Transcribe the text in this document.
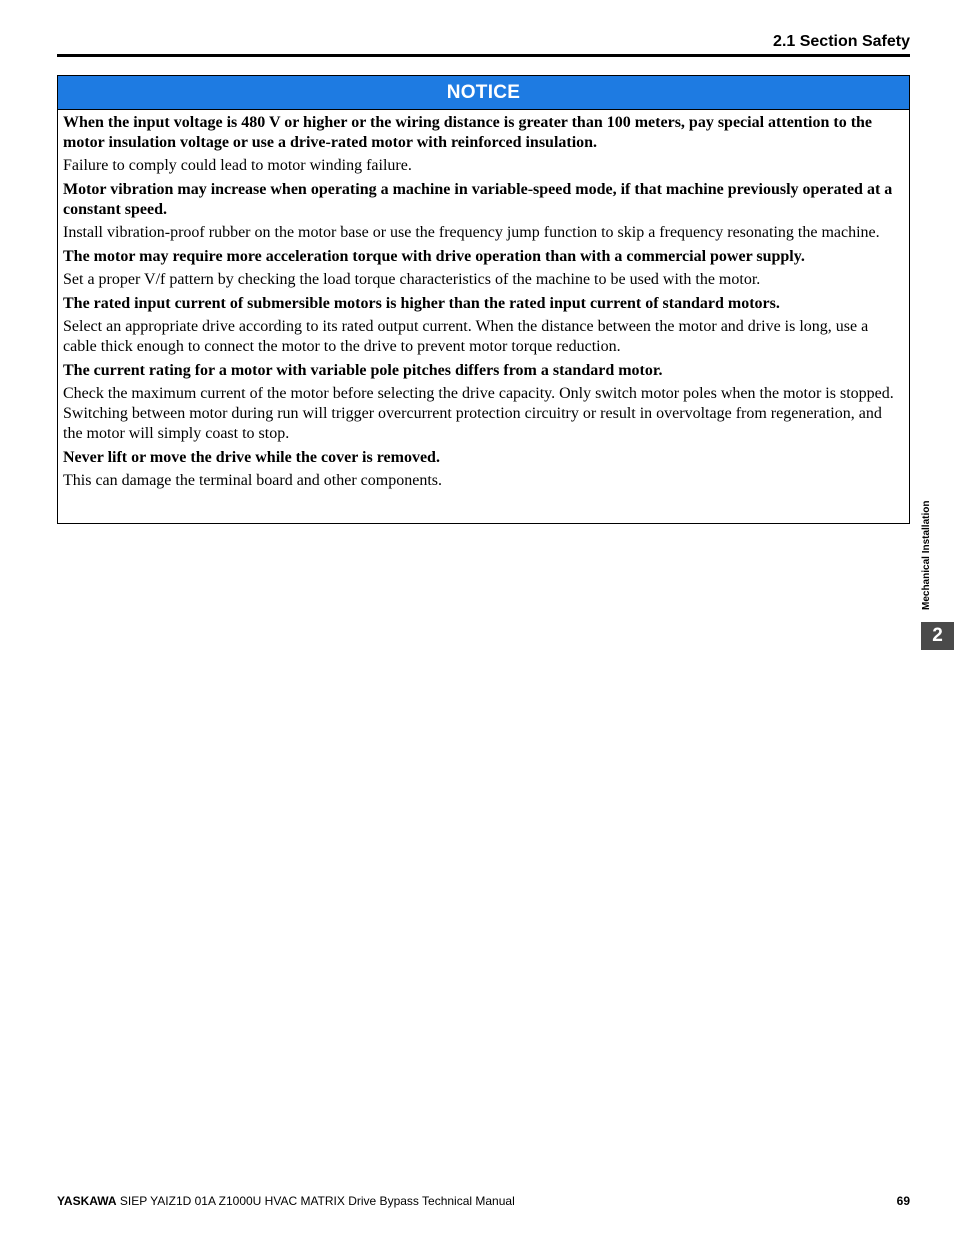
2.1 Section Safety
NOTICE

When the input voltage is 480 V or higher or the wiring distance is greater than 100 meters, pay special attention to the motor insulation voltage or use a drive-rated motor with reinforced insulation.

Failure to comply could lead to motor winding failure.

Motor vibration may increase when operating a machine in variable-speed mode, if that machine previously operated at a constant speed.

Install vibration-proof rubber on the motor base or use the frequency jump function to skip a frequency resonating the machine.

The motor may require more acceleration torque with drive operation than with a commercial power supply.

Set a proper V/f pattern by checking the load torque characteristics of the machine to be used with the motor.

The rated input current of submersible motors is higher than the rated input current of standard motors.

Select an appropriate drive according to its rated output current. When the distance between the motor and drive is long, use a cable thick enough to connect the motor to the drive to prevent motor torque reduction.

The current rating for a motor with variable pole pitches differs from a standard motor.

Check the maximum current of the motor before selecting the drive capacity. Only switch motor poles when the motor is stopped. Switching between motor during run will trigger overcurrent protection circuitry or result in overvoltage from regeneration, and the motor will simply coast to stop.

Never lift or move the drive while the cover is removed.

This can damage the terminal board and other components.

Mechanical Installation
2
YASKAWA SIEP YAIZ1D 01A Z1000U HVAC MATRIX Drive Bypass Technical Manual	69
